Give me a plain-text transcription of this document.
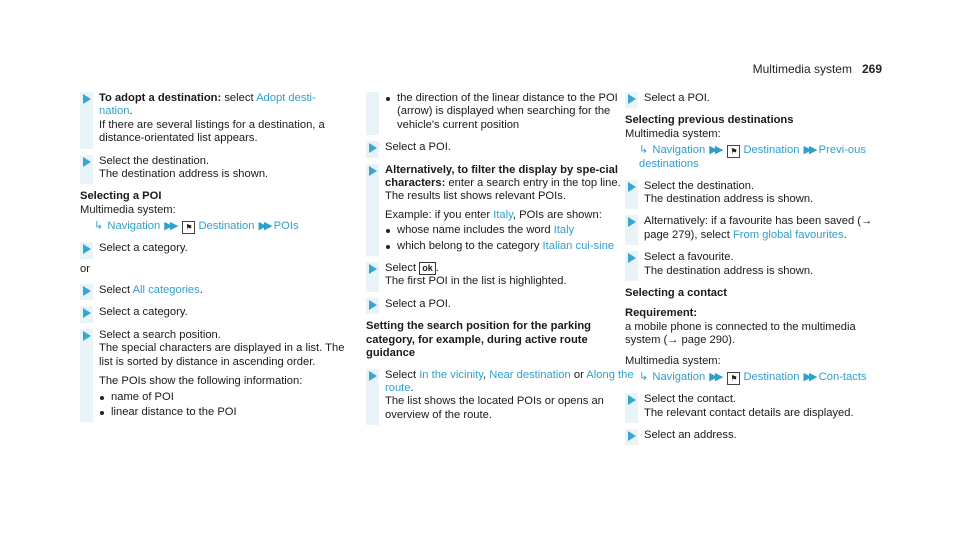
Multimedia system 269
To adopt a destination: select Adopt desti-nation.
If there are several listings for a destination, a distance-orientated list appears.
Select the destination.
The destination address is shown.

Selecting a POI

Multimedia system:

↳ Navigation ▶▶ ⚑ Destination ▶▶ POIs
Select a category.

or

Select All categories.
Select a category.
Select a search position.
The special characters are displayed in a list. The list is sorted by distance in ascending order.
The POIs show the following information:
name of POI
linear distance to the POI
the direction of the linear distance to the POI (arrow) is displayed when searching for the vehicle's current position
Select a POI.
Alternatively, to filter the display by spe-cial characters: enter a search entry in the top line.
The results list shows relevant POIs.
Example: if you enter Italy, POIs are shown:
whose name includes the word Italy
which belong to the category Italian cui-sine
Select ok .
The first POI in the list is highlighted.
Select a POI.

Setting the search position for the parking category, for example, during active route guidance

Select In the vicinity, Near destination or Along the route.
The list shows the located POIs or opens an overview of the route.
Select a POI.

Selecting previous destinations

Multimedia system:

↳ Navigation ▶▶ ⚑ Destination ▶▶ Previ-ous destinations
Select the destination.
The destination address is shown.
Alternatively: if a favourite has been saved (→ page 279), select From global favourites.
Select a favourite.
The destination address is shown.

Selecting a contact

Requirement:

a mobile phone is connected to the multimedia system (→ page 290).

Multimedia system:

↳ Navigation ▶▶ ⚑ Destination ▶▶ Con-tacts
Select the contact.
The relevant contact details are displayed.
Select an address.
